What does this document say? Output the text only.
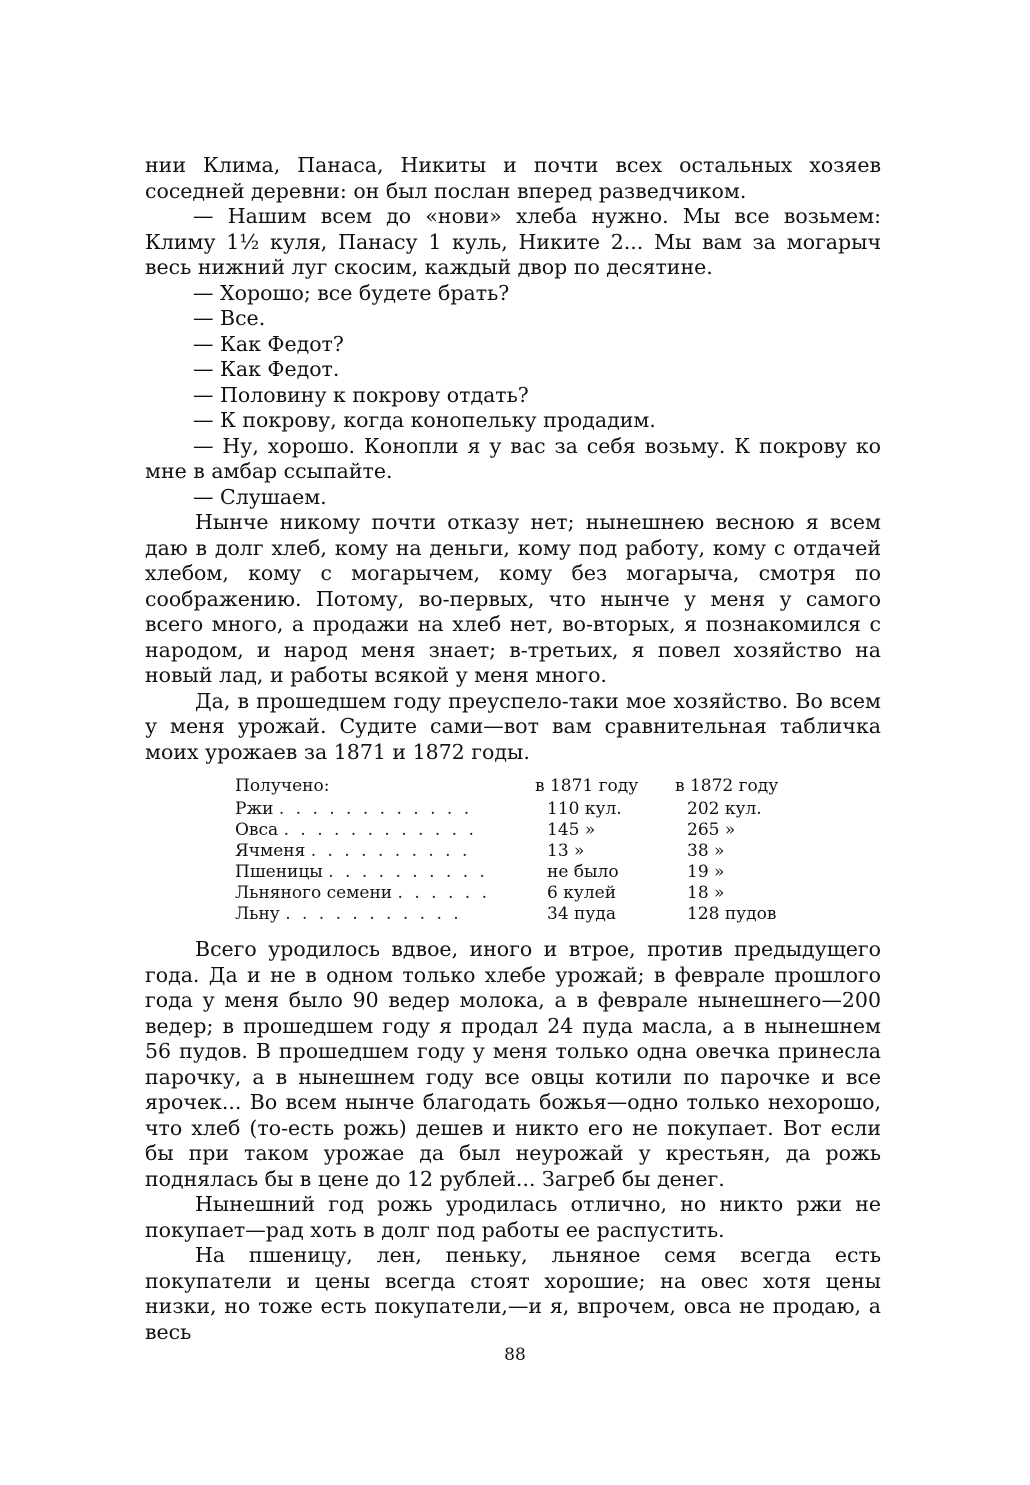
нии Клима, Панаса, Никиты и почти всех остальных хозяев соседней деревни: он был послан вперед разведчиком.

— Нашим всем до «нови» хлеба нужно. Мы все возьмем: Климу 1½ куля, Панасу 1 куль, Никите 2... Мы вам за могарыч весь нижний луг скосим, каждый двор по десятине.

— Хорошо; все будете брать?

— Все.

— Как Федот?

— Как Федот.

— Половину к покрову отдать?

— К покрову, когда конопельку продадим.

— Ну, хорошо. Конопли я у вас за себя возьму. К покрову ко мне в амбар ссыпайте.

— Слушаем.

Нынче никому почти отказу нет; нынешнею весною я всем даю в долг хлеб, кому на деньги, кому под работу, кому с отдачей хлебом, кому с могарычем, кому без могарыча, смотря по соображению. Потому, во-первых, что нынче у меня у самого всего много, а продажи на хлеб нет, во-вторых, я познакомился с народом, и народ меня знает; в-третьих, я повел хозяйство на новый лад, и работы всякой у меня много.

Да, в прошедшем году преуспело-таки мое хозяйство. Во всем у меня урожай. Судите сами—вот вам сравнительная табличка моих урожаев за 1871 и 1872 годы.

Получено:	в 1871 году	в 1872 году
Ржи . . . . . . . . . . . .	110 кул.	202 кул.
Овса . . . . . . . . . . . .	145 »	265 »
Ячменя . . . . . . . . . .	13 »	38 »
Пшеницы . . . . . . . . . .	не было	19 »
Льняного семени . . . . . .	6 кулей	18 »
Льну . . . . . . . . . . .	34 пуда	128 пудов

Всего уродилось вдвое, иного и втрое, против предыдущего года. Да и не в одном только хлебе урожай; в феврале прошлого года у меня было 90 ведер молока, а в феврале нынешнего—200 ведер; в прошедшем году я продал 24 пуда масла, а в нынешнем 56 пудов. В прошедшем году у меня только одна овечка принесла парочку, а в нынешнем году все овцы котили по парочке и все ярочек... Во всем нынче благодать божья—одно только нехорошо, что хлеб (то-есть рожь) дешев и никто его не покупает. Вот если бы при таком урожае да был неурожай у крестьян, да рожь поднялась бы в цене до 12 рублей... Загреб бы денег.

Нынешний год рожь уродилась отлично, но никто ржи не покупает—рад хоть в долг под работы ее распустить.

На пшеницу, лен, пеньку, льняное семя всегда есть покупатели и цены всегда стоят хорошие; на овес хотя цены низки, но тоже есть покупатели,—и я, впрочем, овса не продаю, а весь

88
